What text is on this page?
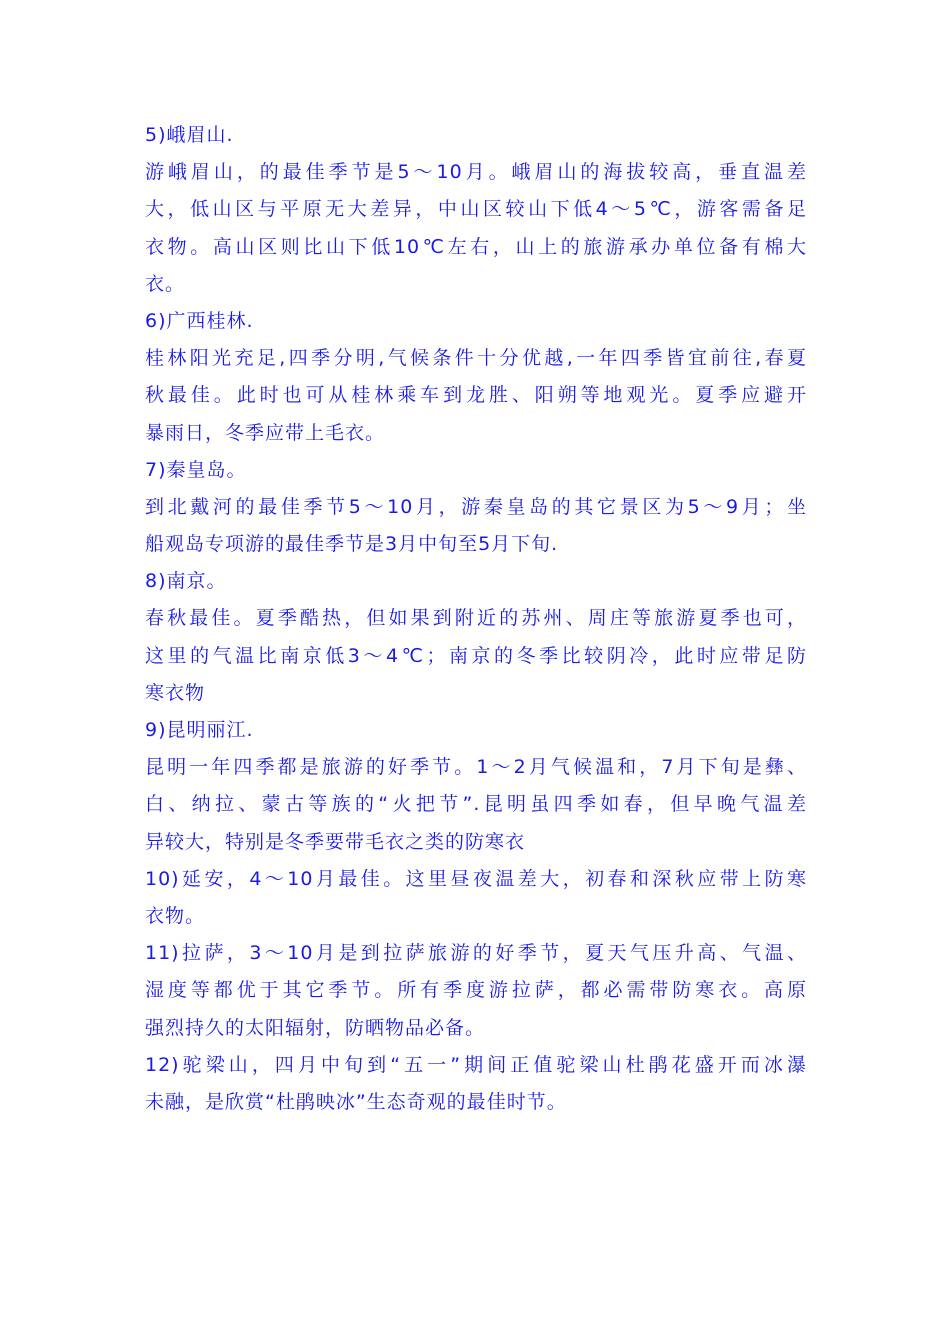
5)峨眉山.
游峨眉山，的最佳季节是5～10月。峨眉山的海拔较高，垂直温差
大，低山区与平原无大差异，中山区较山下低4～5℃，游客需备足
衣物。高山区则比山下低10℃左右，山上的旅游承办单位备有棉大
衣。
6)广西桂林.
桂林阳光充足,四季分明,气候条件十分优越,一年四季皆宜前往,春夏
秋最佳。此时也可从桂林乘车到龙胜、阳朔等地观光。夏季应避开
暴雨日，冬季应带上毛衣。
7)秦皇岛。
到北戴河的最佳季节5～10月，游秦皇岛的其它景区为5～9月；坐
船观岛专项游的最佳季节是3月中旬至5月下旬.
8)南京。
春秋最佳。夏季酷热，但如果到附近的苏州、周庄等旅游夏季也可，
这里的气温比南京低3～4℃；南京的冬季比较阴冷，此时应带足防
寒衣物
9)昆明丽江.
昆明一年四季都是旅游的好季节。1～2月气候温和，7月下旬是彝、
白、纳拉、蒙古等族的“火把节”.昆明虽四季如春，但早晚气温差
异较大，特别是冬季要带毛衣之类的防寒衣
10)延安，4～10月最佳。这里昼夜温差大，初春和深秋应带上防寒
衣物。
11)拉萨，3～10月是到拉萨旅游的好季节，夏天气压升高、气温、
湿度等都优于其它季节。所有季度游拉萨，都必需带防寒衣。高原
强烈持久的太阳辐射，防晒物品必备。
12)驼梁山，四月中旬到“五一”期间正值驼梁山杜鹃花盛开而冰瀑
未融，是欣赏“杜鹃映冰”生态奇观的最佳时节。
